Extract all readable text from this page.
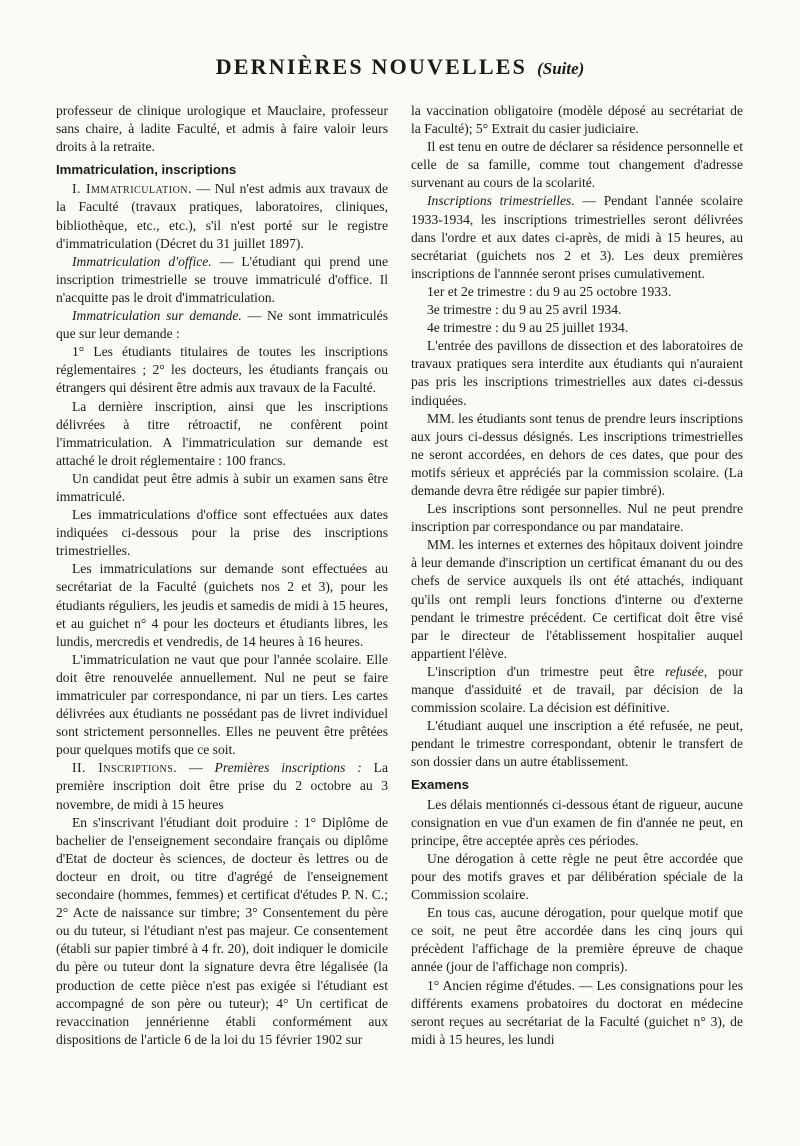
DERNIÈRES NOUVELLES (Suite)

professeur de clinique urologique et Mauclaire, professeur sans chaire, à ladite Faculté, et admis à faire valoir leurs droits à la retraite.

Immatriculation, inscriptions

I. Immatriculation. — Nul n'est admis aux travaux de la Faculté (travaux pratiques, laboratoires, cliniques, bibliothèque, etc., etc.), s'il n'est porté sur le registre d'immatriculation (Décret du 31 juillet 1897).

Immatriculation d'office. — L'étudiant qui prend une inscription trimestrielle se trouve immatriculé d'office. Il n'acquitte pas le droit d'immatriculation.

Immatriculation sur demande. — Ne sont immatriculés que sur leur demande :

1° Les étudiants titulaires de toutes les inscriptions réglementaires ; 2° les docteurs, les étudiants français ou étrangers qui désirent être admis aux travaux de la Faculté.

La dernière inscription, ainsi que les inscriptions délivrées à titre rétroactif, ne confèrent point l'immatriculation. A l'immatriculation sur demande est attaché le droit réglementaire : 100 francs.

Un candidat peut être admis à subir un examen sans être immatriculé.

Les immatriculations d'office sont effectuées aux dates indiquées ci-dessous pour la prise des inscriptions trimestrielles.

Les immatriculations sur demande sont effectuées au secrétariat de la Faculté (guichets nos 2 et 3), pour les étudiants réguliers, les jeudis et samedis de midi à 15 heures, et au guichet n° 4 pour les docteurs et étudiants libres, les lundis, mercredis et vendredis, de 14 heures à 16 heures.

L'immatriculation ne vaut que pour l'année scolaire. Elle doit être renouvelée annuellement. Nul ne peut se faire immatriculer par correspondance, ni par un tiers. Les cartes délivrées aux étudiants ne possédant pas de livret individuel sont strictement personnelles. Elles ne peuvent être prêtées pour quelques motifs que ce soit.

II. Inscriptions. — Premières inscriptions : La première inscription doit être prise du 2 octobre au 3 novembre, de midi à 15 heures

En s'inscrivant l'étudiant doit produire : 1° Diplôme de bachelier de l'enseignement secondaire français ou diplôme d'Etat de docteur ès sciences, de docteur ès lettres ou de docteur en droit, ou titre d'agrégé de l'enseignement secondaire (hommes, femmes) et certificat d'études P. N. C.; 2° Acte de naissance sur timbre; 3° Consentement du père ou du tuteur, si l'étudiant n'est pas majeur. Ce consentement (établi sur papier timbré à 4 fr. 20), doit indiquer le domicile du père ou tuteur dont la signature devra être légalisée (la production de cette pièce n'est pas exigée si l'étudiant est accompagné de son père ou tuteur); 4° Un certificat de revaccination jennérienne établi conformément aux dispositions de l'article 6 de la loi du 15 février 1902 sur

la vaccination obligatoire (modèle déposé au secrétariat de la Faculté); 5° Extrait du casier judiciaire.

Il est tenu en outre de déclarer sa résidence personnelle et celle de sa famille, comme tout changement d'adresse survenant au cours de la scolarité.

Inscriptions trimestrielles. — Pendant l'année scolaire 1933-1934, les inscriptions trimestrielles seront délivrées dans l'ordre et aux dates ci-après, de midi à 15 heures, au secrétariat (guichets nos 2 et 3). Les deux premières inscriptions de l'annnée seront prises cumulativement.

1er et 2e trimestre : du 9 au 25 octobre 1933.

3e trimestre : du 9 au 25 avril 1934.

4e trimestre : du 9 au 25 juillet 1934.

L'entrée des pavillons de dissection et des laboratoires de travaux pratiques sera interdite aux étudiants qui n'auraient pas pris les inscriptions trimestrielles aux dates ci-dessus indiquées.

MM. les étudiants sont tenus de prendre leurs inscriptions aux jours ci-dessus désignés. Les inscriptions trimestrielles ne seront accordées, en dehors de ces dates, que pour des motifs sérieux et appréciés par la commission scolaire. (La demande devra être rédigée sur papier timbré).

Les inscriptions sont personnelles. Nul ne peut prendre inscription par correspondance ou par mandataire.

MM. les internes et externes des hôpitaux doivent joindre à leur demande d'inscription un certificat émanant du ou des chefs de service auxquels ils ont été attachés, indiquant qu'ils ont rempli leurs fonctions d'interne ou d'externe pendant le trimestre précédent. Ce certificat doit être visé par le directeur de l'établissement hospitalier auquel appartient l'élève.

L'inscription d'un trimestre peut être refusée, pour manque d'assiduité et de travail, par décision de la commission scolaire. La décision est définitive.

L'étudiant auquel une inscription a été refusée, ne peut, pendant le trimestre correspondant, obtenir le transfert de son dossier dans un autre établissement.

Examens

Les délais mentionnés ci-dessous étant de rigueur, aucune consignation en vue d'un examen de fin d'année ne peut, en principe, être acceptée après ces périodes.

Une dérogation à cette règle ne peut être accordée que pour des motifs graves et par délibération spéciale de la Commission scolaire.

En tous cas, aucune dérogation, pour quelque motif que ce soit, ne peut être accordée dans les cinq jours qui précèdent l'affichage de la première épreuve de chaque année (jour de l'affichage non compris).

1° Ancien régime d'études. — Les consignations pour les différents examens probatoires du doctorat en médecine seront reçues au secrétariat de la Faculté (guichet n° 3), de midi à 15 heures, les lundi
